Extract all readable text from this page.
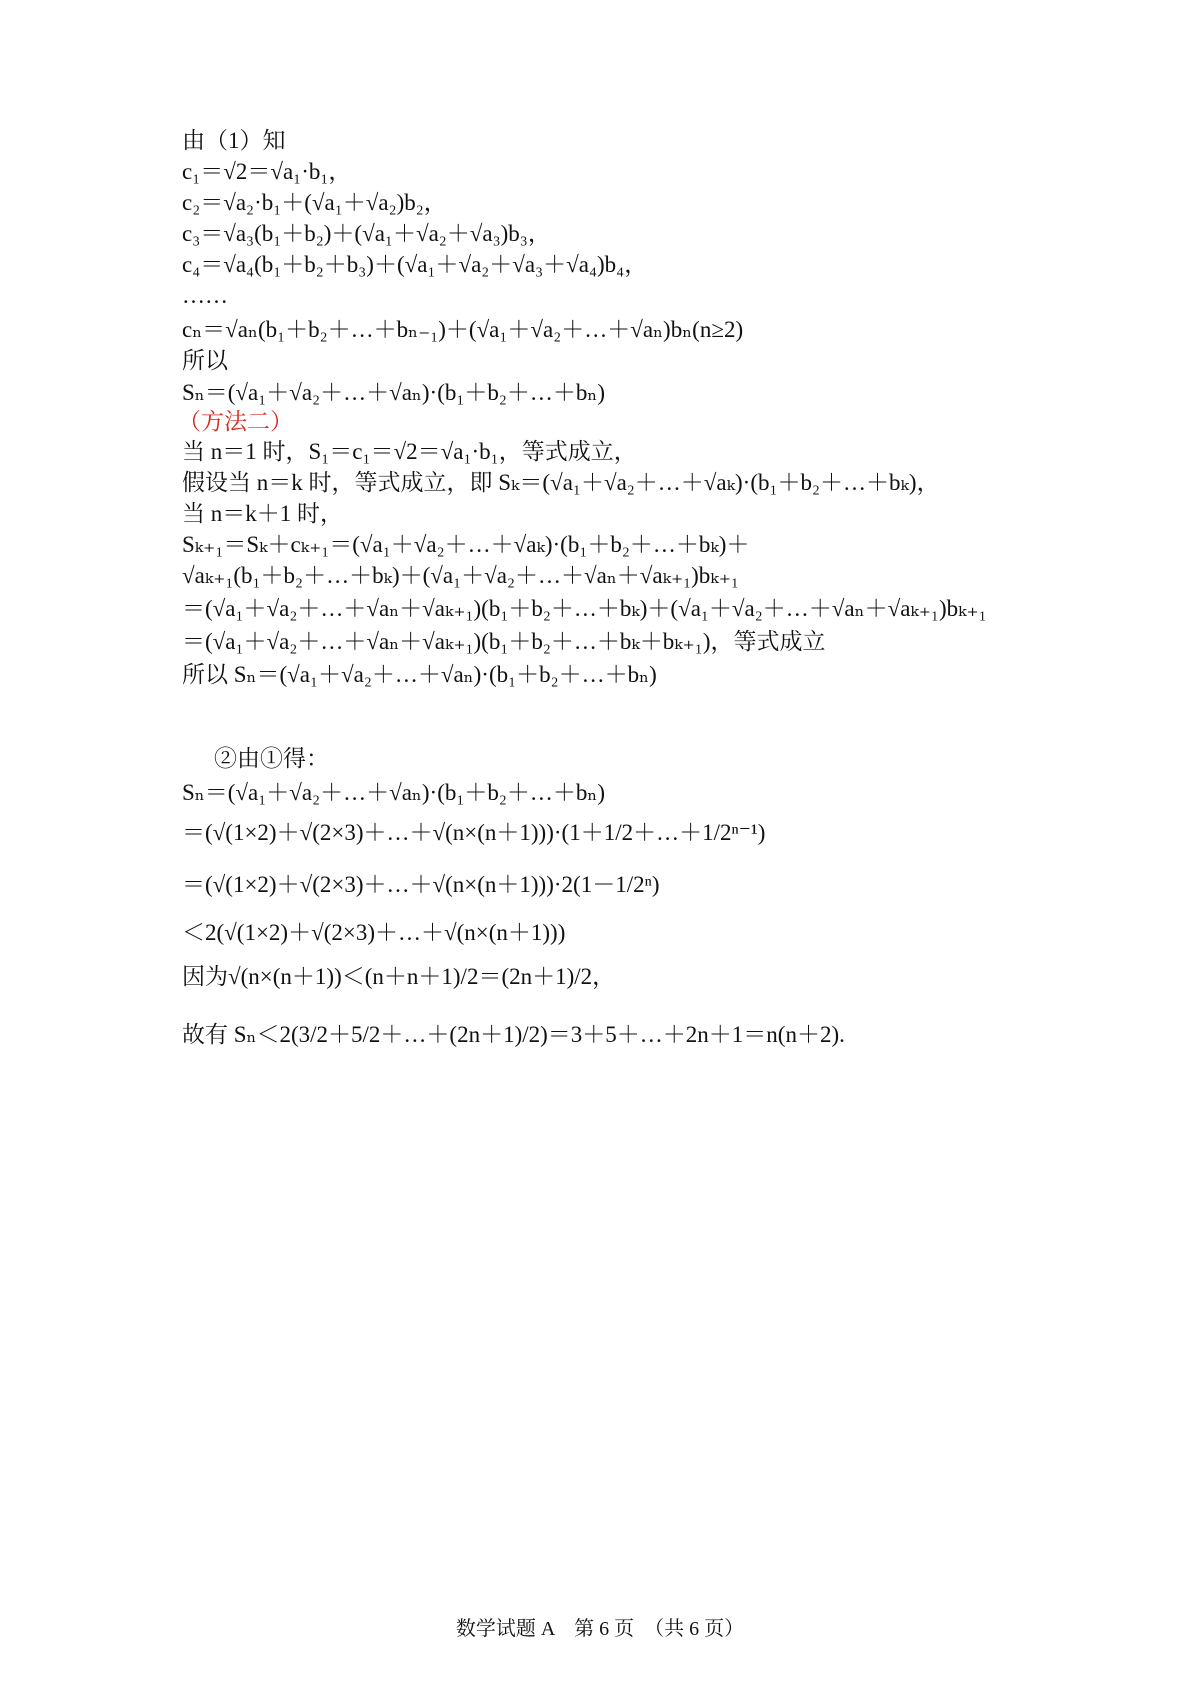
由（1）知
c₁＝√2＝√a₁·b₁，
c₂＝√a₂·b₁＋(√a₁＋√a₂)b₂，
c₃＝√a₃(b₁＋b₂)＋(√a₁＋√a₂＋√a₃)b₃，
c₄＝√a₄(b₁＋b₂＋b₃)＋(√a₁＋√a₂＋√a₃＋√a₄)b₄，
……
cₙ＝√aₙ(b₁＋b₂＋…＋bₙ₋₁)＋(√a₁＋√a₂＋…＋√aₙ)bₙ(n≥2)
所以
Sₙ＝(√a₁＋√a₂＋…＋√aₙ)·(b₁＋b₂＋…＋bₙ)
（方法二）
当 n＝1 时，S₁＝c₁＝√2＝√a₁·b₁，等式成立，
假设当 n＝k 时，等式成立，即 Sₖ＝(√a₁＋√a₂＋…＋√aₖ)·(b₁＋b₂＋…＋bₖ)，
当 n＝k＋1 时，
Sₖ₊₁＝Sₖ＋cₖ₊₁＝(√a₁＋√a₂＋…＋√aₖ)·(b₁＋b₂＋…＋bₖ)＋
√aₖ₊₁(b₁＋b₂＋…＋bₖ)＋(√a₁＋√a₂＋…＋√aₙ＋√aₖ₊₁)bₖ₊₁
＝(√a₁＋√a₂＋…＋√aₙ＋√aₖ₊₁)(b₁＋b₂＋…＋bₖ)＋(√a₁＋√a₂＋…＋√aₙ＋√aₖ₊₁)bₖ₊₁
＝(√a₁＋√a₂＋…＋√aₙ＋√aₖ₊₁)(b₁＋b₂＋…＋bₖ＋bₖ₊₁)，等式成立
所以 Sₙ＝(√a₁＋√a₂＋…＋√aₙ)·(b₁＋b₂＋…＋bₙ)
②由①得：
Sₙ＝(√a₁＋√a₂＋…＋√aₙ)·(b₁＋b₂＋…＋bₙ)
＝(√(1×2)＋√(2×3)＋…＋√(n×(n＋1)))·(1＋1/2＋…＋1/2ⁿ⁻¹)
＝(√(1×2)＋√(2×3)＋…＋√(n×(n＋1)))·2(1－1/2ⁿ)
＜2(√(1×2)＋√(2×3)＋…＋√(n×(n＋1)))
因为√(n×(n＋1))＜(n＋n＋1)/2＝(2n＋1)/2，
故有 Sₙ＜2(3/2＋5/2＋…＋(2n＋1)/2)＝3＋5＋…＋2n＋1＝n(n＋2).
数学试题 A　第 6 页　（共 6 页）
